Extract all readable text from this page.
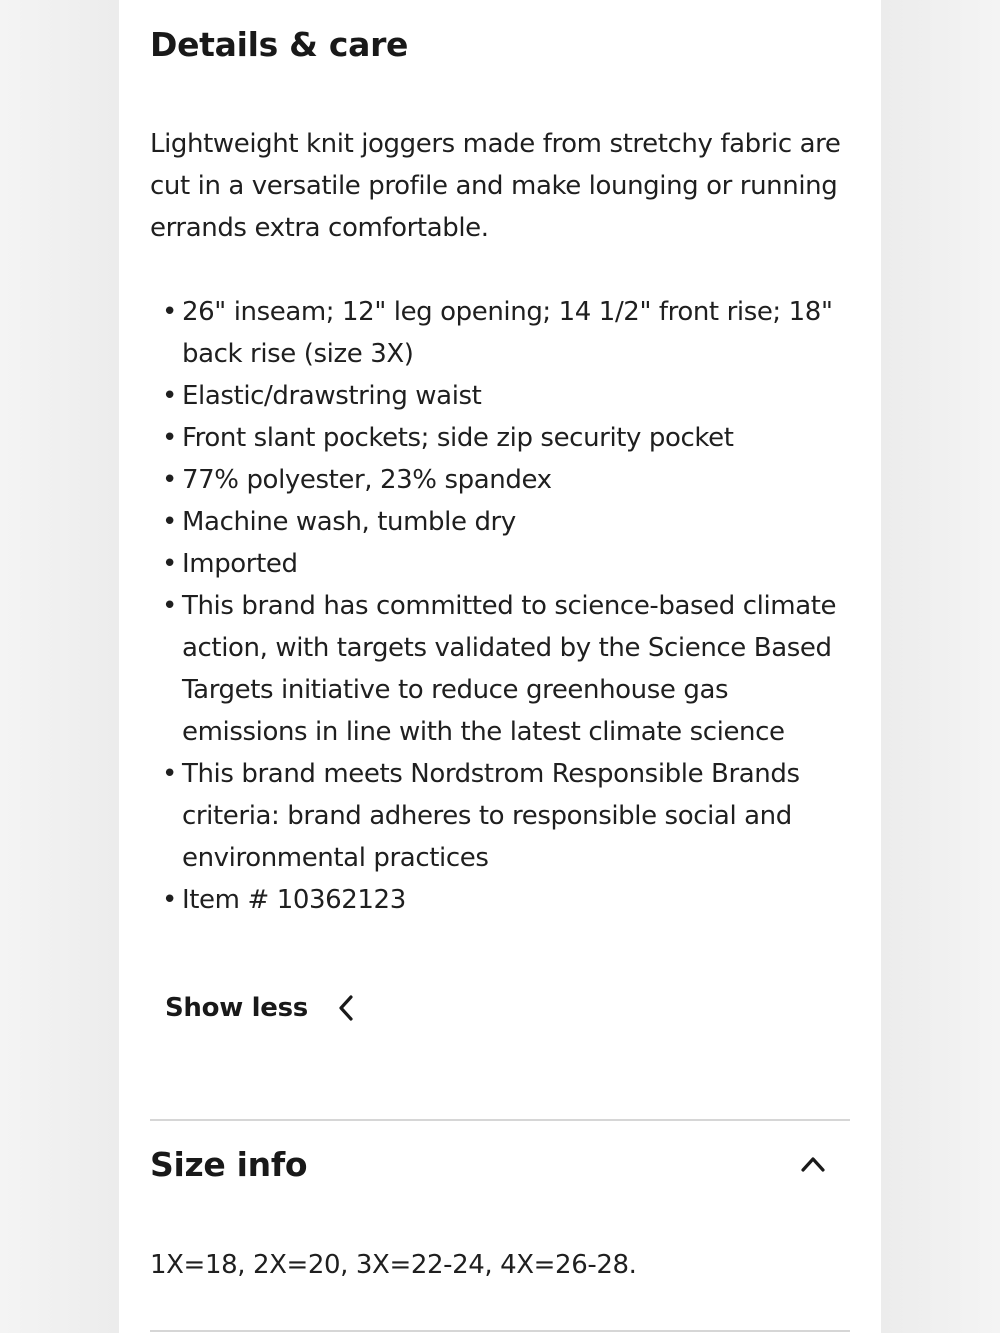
Details & care

Lightweight knit joggers made from stretchy fabric are cut in a versatile profile and make lounging or running errands extra comfortable.

• 26" inseam; 12" leg opening; 14 1/2" front rise; 18" back rise (size 3X)
• Elastic/drawstring waist
• Front slant pockets; side zip security pocket
• 77% polyester, 23% spandex
• Machine wash, tumble dry
• Imported
• This brand has committed to science-based climate action, with targets validated by the Science Based Targets initiative to reduce greenhouse gas emissions in line with the latest climate science
• This brand meets Nordstrom Responsible Brands criteria: brand adheres to responsible social and environmental practices
• Item # 10362123
Show less
Size info

1X=18, 2X=20, 3X=22-24, 4X=26-28.
